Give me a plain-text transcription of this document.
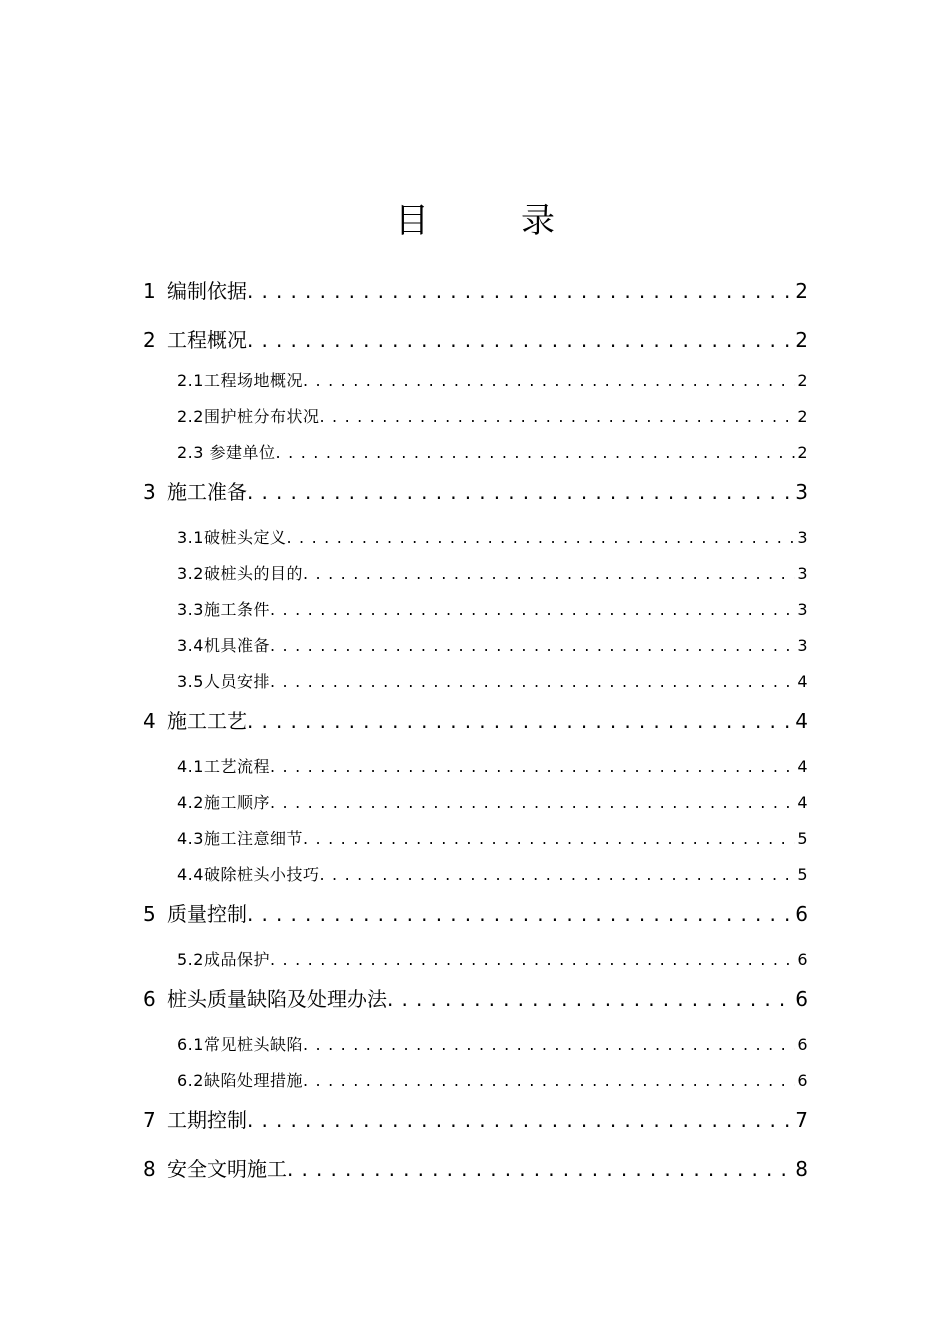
目	录
1 编制依据 . . .	2
2 工程概况 . . .	2
2.1工程场地概况 . . .	2
2.2围护桩分布状况 . . .	2
2.3 参建单位 . . .	2
3 施工准备 . . .	3
3.1破桩头定义 . . .	3
3.2破桩头的目的 . . .	3
3.3施工条件 . . .	3
3.4机具准备 . . .	3
3.5人员安排 . . .	4
4 施工工艺 . . .	4
4.1工艺流程 . . .	4
4.2施工顺序 . . .	4
4.3施工注意细节 . . .	5
4.4破除桩头小技巧 . . .	5
5 质量控制 . . .	6
5.2成品保护 . . .	6
6 桩头质量缺陷及处理办法 . . .	6
6.1常见桩头缺陷 . . .	6
6.2缺陷处理措施 . . .	6
7 工期控制 . . .	7
8 安全文明施工 . . .	8
